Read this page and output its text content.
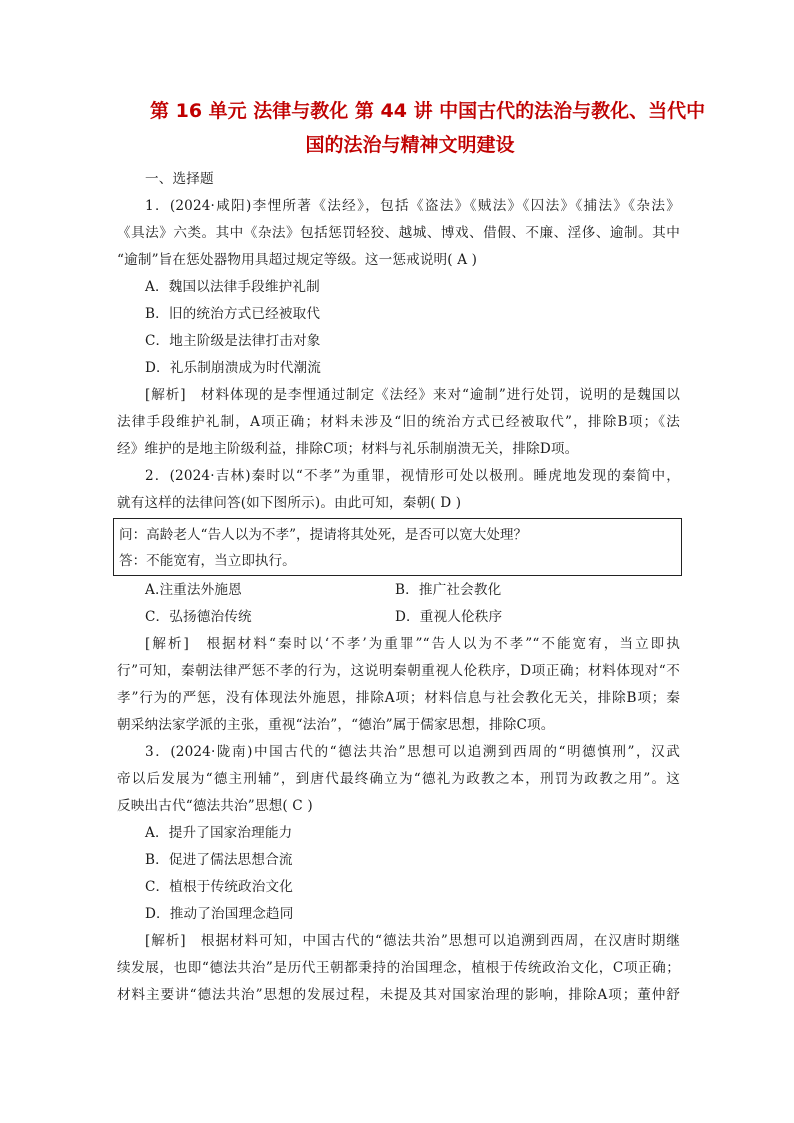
第 16 单元 法律与教化 第 44 讲 中国古代的法治与教化、当代中
国的法治与精神文明建设
一、选择题
1．(2024·咸阳)李悝所著《法经》，包括《盗法》《贼法》《囚法》《捕法》《杂法》
《具法》六类。其中《杂法》包括惩罚轻狡、越城、博戏、借假、不廉、淫侈、逾制。其中
“逾制”旨在惩处器物用具超过规定等级。这一惩戒说明( A )
A．魏国以法律手段维护礼制
B．旧的统治方式已经被取代
C．地主阶级是法律打击对象
D．礼乐制崩溃成为时代潮流
[解析]　材料体现的是李悝通过制定《法经》来对“逾制”进行处罚，说明的是魏国以
法律手段维护礼制，A项正确；材料未涉及“旧的统治方式已经被取代”，排除B项；《法
经》维护的是地主阶级利益，排除C项；材料与礼乐制崩溃无关，排除D项。
2．(2024·吉林)秦时以“不孝”为重罪，视情形可处以极刑。睡虎地发现的秦简中，
就有这样的法律问答(如下图所示)。由此可知，秦朝( D )
问：高龄老人“告人以为不孝”，提请将其处死，是否可以宽大处理？
答：不能宽宥，当立即执行。
A.注重法外施恩	B．推广社会教化
C．弘扬德治传统	D．重视人伦秩序
[解析]　根据材料“秦时以‘不孝’为重罪”“告人以为不孝”“不能宽宥，当立即执
行”可知，秦朝法律严惩不孝的行为，这说明秦朝重视人伦秩序，D项正确；材料体现对“不
孝”行为的严惩，没有体现法外施恩，排除A项；材料信息与社会教化无关，排除B项；秦
朝采纳法家学派的主张，重视“法治”，“德治”属于儒家思想，排除C项。
3．(2024·陇南)中国古代的“德法共治”思想可以追溯到西周的“明德慎刑”，汉武
帝以后发展为“德主刑辅”，到唐代最终确立为“德礼为政教之本，刑罚为政教之用”。这
反映出古代“德法共治”思想( C )
A．提升了国家治理能力
B．促进了儒法思想合流
C．植根于传统政治文化
D．推动了治国理念趋同
[解析]　根据材料可知，中国古代的“德法共治”思想可以追溯到西周，在汉唐时期继
续发展，也即“德法共治”是历代王朝都秉持的治国理念，植根于传统政治文化，C项正确；
材料主要讲“德法共治”思想的发展过程，未提及其对国家治理的影响，排除A项；董仲舒
